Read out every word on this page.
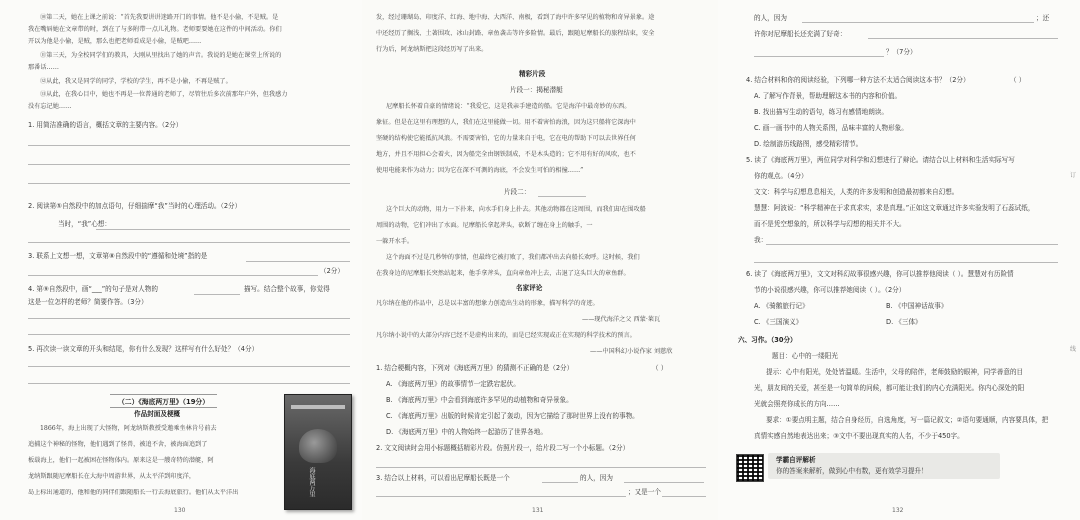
⑩第二天，她在上课之前说：“首先我要讲讲迷路开门的事情。他不是小偷，不是贼。是
我在嘴唇她在文章带的时，到在了与多附带一点儿礼物。老师要要她在这件的中间活动。你们
开以为他是小偷，是贼，那么也把老师看成是小偷，是贼吧……
⑪第三天，为全校同学们的教具，大刚从里找出了她的声音。我说的是她在课堂上所说的
那番话……
⑫从此，我又是同学的同学，学校的学生，再不是小偷，不再是贼了。
⑬从此，在我心目中，她也不再是一位普通的老师了，尽管往后多次前那年户外，但我感力
没有忘记她……
1. 用简洁准确的语言，概括文章的主要内容。（2分）
2. 阅读第⑤自然段中的加点语句，仔细揣摩“我”当时的心理活动。（2分）
当时，“我”心想：
3. 联系上文想一想，文章第⑧自然段中的“遵循和处境”指的是
（2分）
4. 第⑨自然段中，画“___”的句子是对人物的	描写。结合整个故事，你觉得
这是一位怎样的老师？简要作答。（3分）
5. 再次读一读文章的开头和结尾，你有什么发现？这样写有什么好处？（4分）
（二）《海底两万里》（19分）
作品封面及梗概
1866年，海上出现了大怪物，阿龙纳斯教授受邀乘坐林肯号前去
追捕这个神秘的怪物，他们遇到了怪兽，被追不舍，被海面追到了
板载海上，他们一起被困在怪物体内。原来这是一艘奇特的潜艇，阿
龙纳斯跟随尼摩船长在大海中周游世界，从太平洋到印度洋，
岛上标出通道的，他和他的同伴们跟随船长一行去海底旅行。他们从太平洋出	海底两万里
130
发，经过珊瑚岛、印度洋、红海、地中海、大西洋、南极，看到了海中许多罕见的植物和奇异景象。途
中还经历了搁浅、土著围攻、冰山封路、章鱼袭击等许多险情。最后，跟随尼摩船长的旅程结束，安全
行为后，阿龙纳斯把这段经历写了出来。
精彩片段
片段一：揭秘潜艇
尼摩船长怀着自豪的情绪说：“我爱它，这是我亲手建造的船。它是海洋中最奇妙的东西。
象征。但是在这里有理想的人，我们在这里能做一切。用不着害怕海浪，因为这只船将它深海中
坚硬的结构使它能抵抗风浪。不需要害怕，它的力量来自于电，它在电的帮助下可以去世界任何
地方，并且不用担心会着火，因为船完全由钢铁制成，不是木头造的；它不用有好的风吹，也不
使用电能来作为动力；因为它在深不可测的海底，不会发生可怕的相撞……”
片段二：
这个巨大的动物，用力一下扑来，向水手们身上扑去。其他动物都在这周围，而我们却在围攻船
周围的动物，它们冲出了水面。尼摩船长拿起斧头，砍断了缠在身上的触手，一
一躲开水手。
这个海面不过是几秒钟的事情，但最终它被打败了，我们都冲出去向船长欢呼。这时候，我们
在我身边的尼摩船长突然站起来，他手拿斧头，直向章鱼冲上去，击退了这头巨大的章鱼群。
名家评论
凡尔纳在他的作品中，总是以丰富的想象力创造出生动的形象，描写科学的奇迹。
——现代海洋之父 西蒙·莱瓦
凡尔纳小说中的大部分内容已经不是虚构出来的，而是已经实现或正在实现的科学技术的预言。
——中国科幻小说作家 刘慈欣
1. 结合梗概内容，下列对《海底两万里》的猜测不正确的是（2分）	（ ）
A. 《海底两万里》的故事情节一定跌宕起伏。
B. 《海底两万里》中会看到海底许多罕见的动植物和奇异景象。
C. 《海底两万里》出版的时候肯定引起了轰动，因为它描绘了那时世界上没有的事物。
D. 《海底两万里》中的人物始终一起游历了世界各地。
2. 文文阅读时会用小标题概括精彩片段。仿照片段一，给片段二写一个小标题。（2分）
3. 结合以上材料，可以看出尼摩船长既是一个	的人，因为
；又是一个
131
的人，因为	；还
许你对尼摩船长还充满了好奇：
？（7分）
4. 结合材料和你的阅读经验，下列哪一种方法不太适合阅读这本书？（2分）	（ ）
A. 了解写作背景，帮助理解这本书的内容和价值。
B. 找出描写生动的语句，练习有感情地朗读。
C. 画一画书中的人物关系图，品味丰富的人物形象。
D. 绘制游历线路图，感受精彩情节。
5. 读了《海底两万里》，两位同学对科学和幻想进行了辩论。请结合以上材料和生活实际写写
你的观点。（4分）
文文：科学与幻想息息相关，人类的许多发明和创造最初都来自幻想。
慧慧：阿波说：“科学精神在于求真求实，求是真理。”正如这文章通过许多实验发明了石蕊试纸，
而不是凭空想象的，所以科学与幻想的相关并不大。
我：
6. 读了《海底两万里》，文文对科幻故事很感兴趣，你可以推荐他阅读（ ）。慧慧对有历险情
节的小说很感兴趣，你可以推荐她阅读（ ）。（2分）
A. 《骑鹅旅行记》	B. 《中国神话故事》
C. 《三国演义》	D. 《三体》
六、习作。（30分）
题目：心中的一缕阳光
提示：心中有阳光，处处皆温暖。生活中，父母的陪伴，老师鼓励的眼神，同学善意的目
光，朋友间的关爱，甚至是一句简单的问候，都可能让我们的内心充满阳光。你内心深处的阳
光就会照亮你成长的方向……
要求：①要点明主题，结合自身经历，自选角度，写一篇记叙文；②语句要通顺，内容要具体，把
真情实感自然地表达出来；③文中不要出现真实的人名，不少于450字。
132
订
线
学霸自评解析
你的答案来解析，做到心中有数，更有效学习提升！
